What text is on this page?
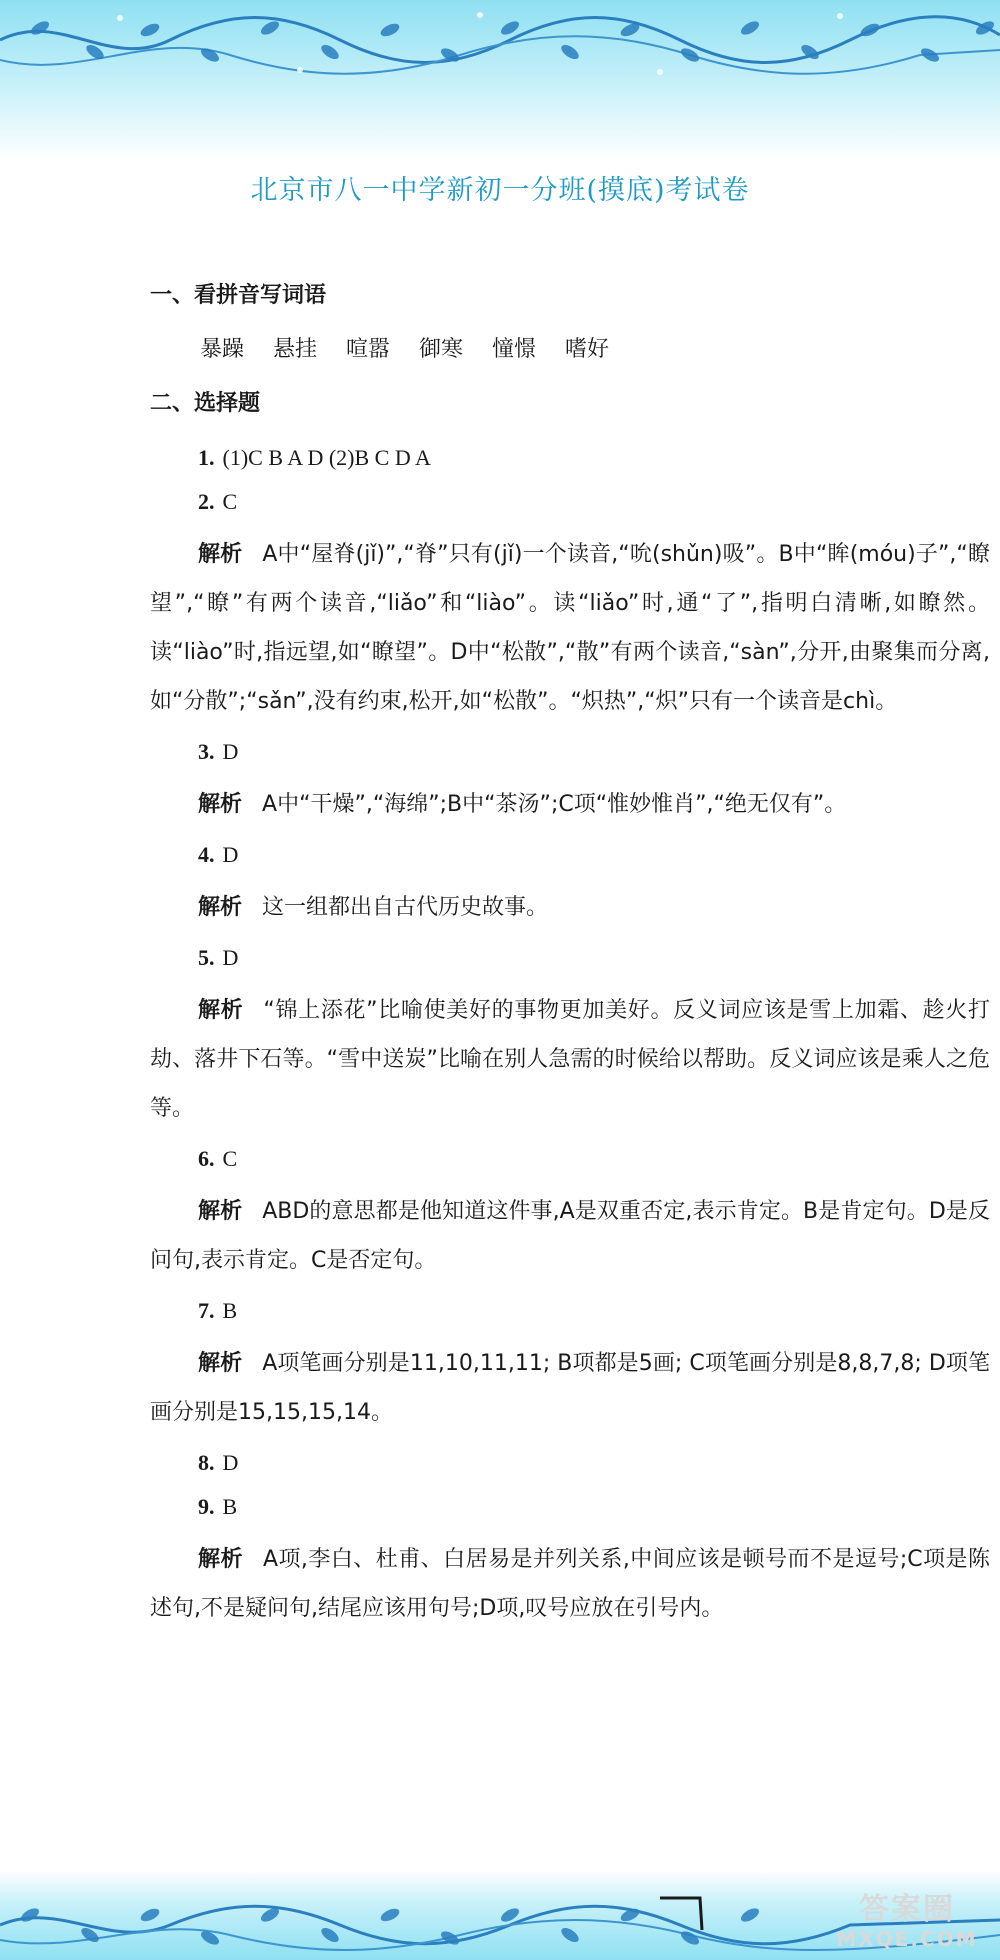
北京市八一中学新初一分班(摸底)考试卷
一、看拼音写词语
暴躁 悬挂 喧嚣 御寒 憧憬 嗜好
二、选择题
1. (1)C B A D (2)B C D A
2. C
解析 A中“屋脊(jǐ)”,“脊”只有(jǐ)一个读音,“吮(shǔn)吸”。B中“眸(móu)子”,“瞭望”,“瞭”有两个读音,“liǎo”和“liào”。读“liǎo”时,通“了”,指明白清晰,如瞭然。读“liào”时,指远望,如“瞭望”。D中“松散”,“散”有两个读音,“sàn”,分开,由聚集而分离,如“分散”;“sǎn”,没有约束,松开,如“松散”。“炽热”,“炽”只有一个读音是chì。
3. D
解析 A中“干燥”,“海绵”;B中“茶汤”;C项“惟妙惟肖”,“绝无仅有”。
4. D
解析 这一组都出自古代历史故事。
5. D
解析 “锦上添花”比喻使美好的事物更加美好。反义词应该是雪上加霜、趁火打劫、落井下石等。“雪中送炭”比喻在别人急需的时候给以帮助。反义词应该是乘人之危等。
6. C
解析 ABD的意思都是他知道这件事,A是双重否定,表示肯定。B是肯定句。D是反问句,表示肯定。C是否定句。
7. B
解析 A项笔画分别是11,10,11,11; B项都是5画; C项笔画分别是8,8,7,8; D项笔画分别是15,15,15,14。
8. D
9. B
解析 A项,李白、杜甫、白居易是并列关系,中间应该是顿号而不是逗号;C项是陈述句,不是疑问句,结尾应该用句号;D项,叹号应放在引号内。
答案圈
MXQE.COM
